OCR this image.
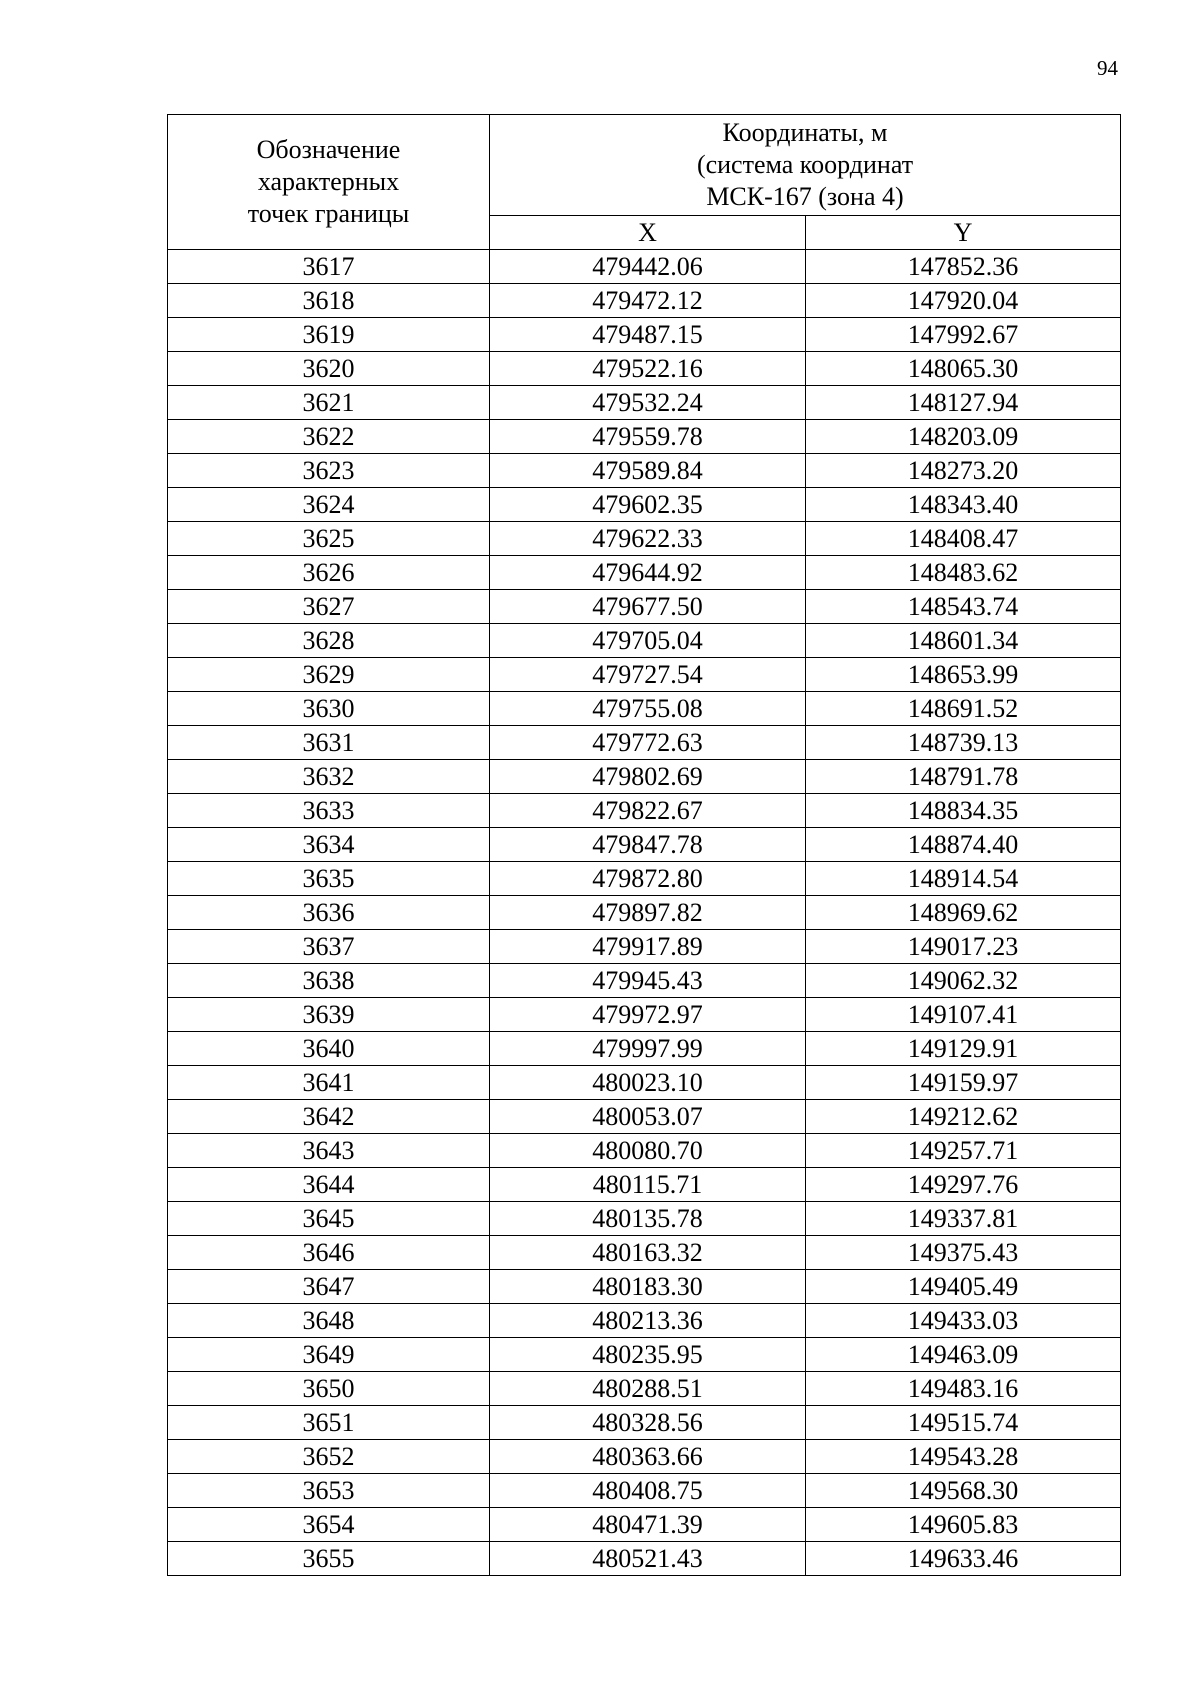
94
Обозначение характерных точек границы	Координаты, м
(система координат
МСК-167 (зона 4)	

	X	Y
3617	479442.06	147852.36
3618	479472.12	147920.04
3619	479487.15	147992.67
3620	479522.16	148065.30
3621	479532.24	148127.94
3622	479559.78	148203.09
3623	479589.84	148273.20
3624	479602.35	148343.40
3625	479622.33	148408.47
3626	479644.92	148483.62
3627	479677.50	148543.74
3628	479705.04	148601.34
3629	479727.54	148653.99
3630	479755.08	148691.52
3631	479772.63	148739.13
3632	479802.69	148791.78
3633	479822.67	148834.35
3634	479847.78	148874.40
3635	479872.80	148914.54
3636	479897.82	148969.62
3637	479917.89	149017.23
3638	479945.43	149062.32
3639	479972.97	149107.41
3640	479997.99	149129.91
3641	480023.10	149159.97
3642	480053.07	149212.62
3643	480080.70	149257.71
3644	480115.71	149297.76
3645	480135.78	149337.81
3646	480163.32	149375.43
3647	480183.30	149405.49
3648	480213.36	149433.03
3649	480235.95	149463.09
3650	480288.51	149483.16
3651	480328.56	149515.74
3652	480363.66	149543.28
3653	480408.75	149568.30
3654	480471.39	149605.83
3655	480521.43	149633.46
